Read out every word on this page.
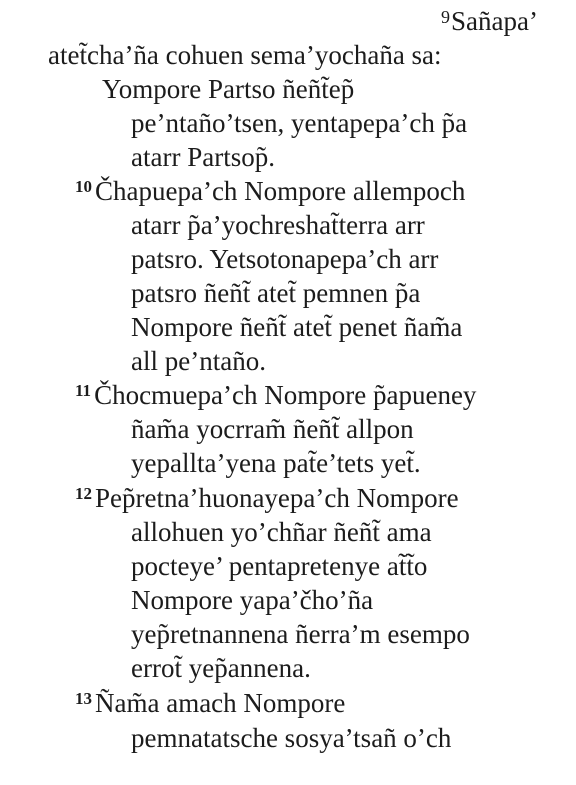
$^9$Sañapa’
atet̃cha’ña cohuen sema’yochaña sa:
Yompore Partso ñeñt̃ep̃
pe’ntaño’tsen, yentapepa’ch p̃a
atarr Partsop̃.
$^{10}$ Čhapuepa’ch Nompore allempoch
atarr p̃a’yochreshat̃terra arr
patsro. Yetsotonapepa’ch arr
patsro ñeñt̃ atet̃ pemnen p̃a
Nompore ñeñt̃ atet̃ penet ñam̃a
all pe’ntaño.
$^{11}$ Čhocmuepa’ch Nompore p̃apueney
ñam̃a yocrram̃ ñeñt̃ allpon
yepallta’yena pat̃e’tets yet̃.
$^{12}$ Pep̃retna’huonayepa’ch Nompore
allohuen yo’chñar ñeñt̃ ama
pocteye’ pentapretenye at̃t̃o
Nompore yapa’čho’ña
yep̃retnannena ñerra’m esempo
errot̃ yep̃annena.
$^{13}$ Ñam̃a amach Nompore
pemnatatsche sosya’tsañ o’ch
